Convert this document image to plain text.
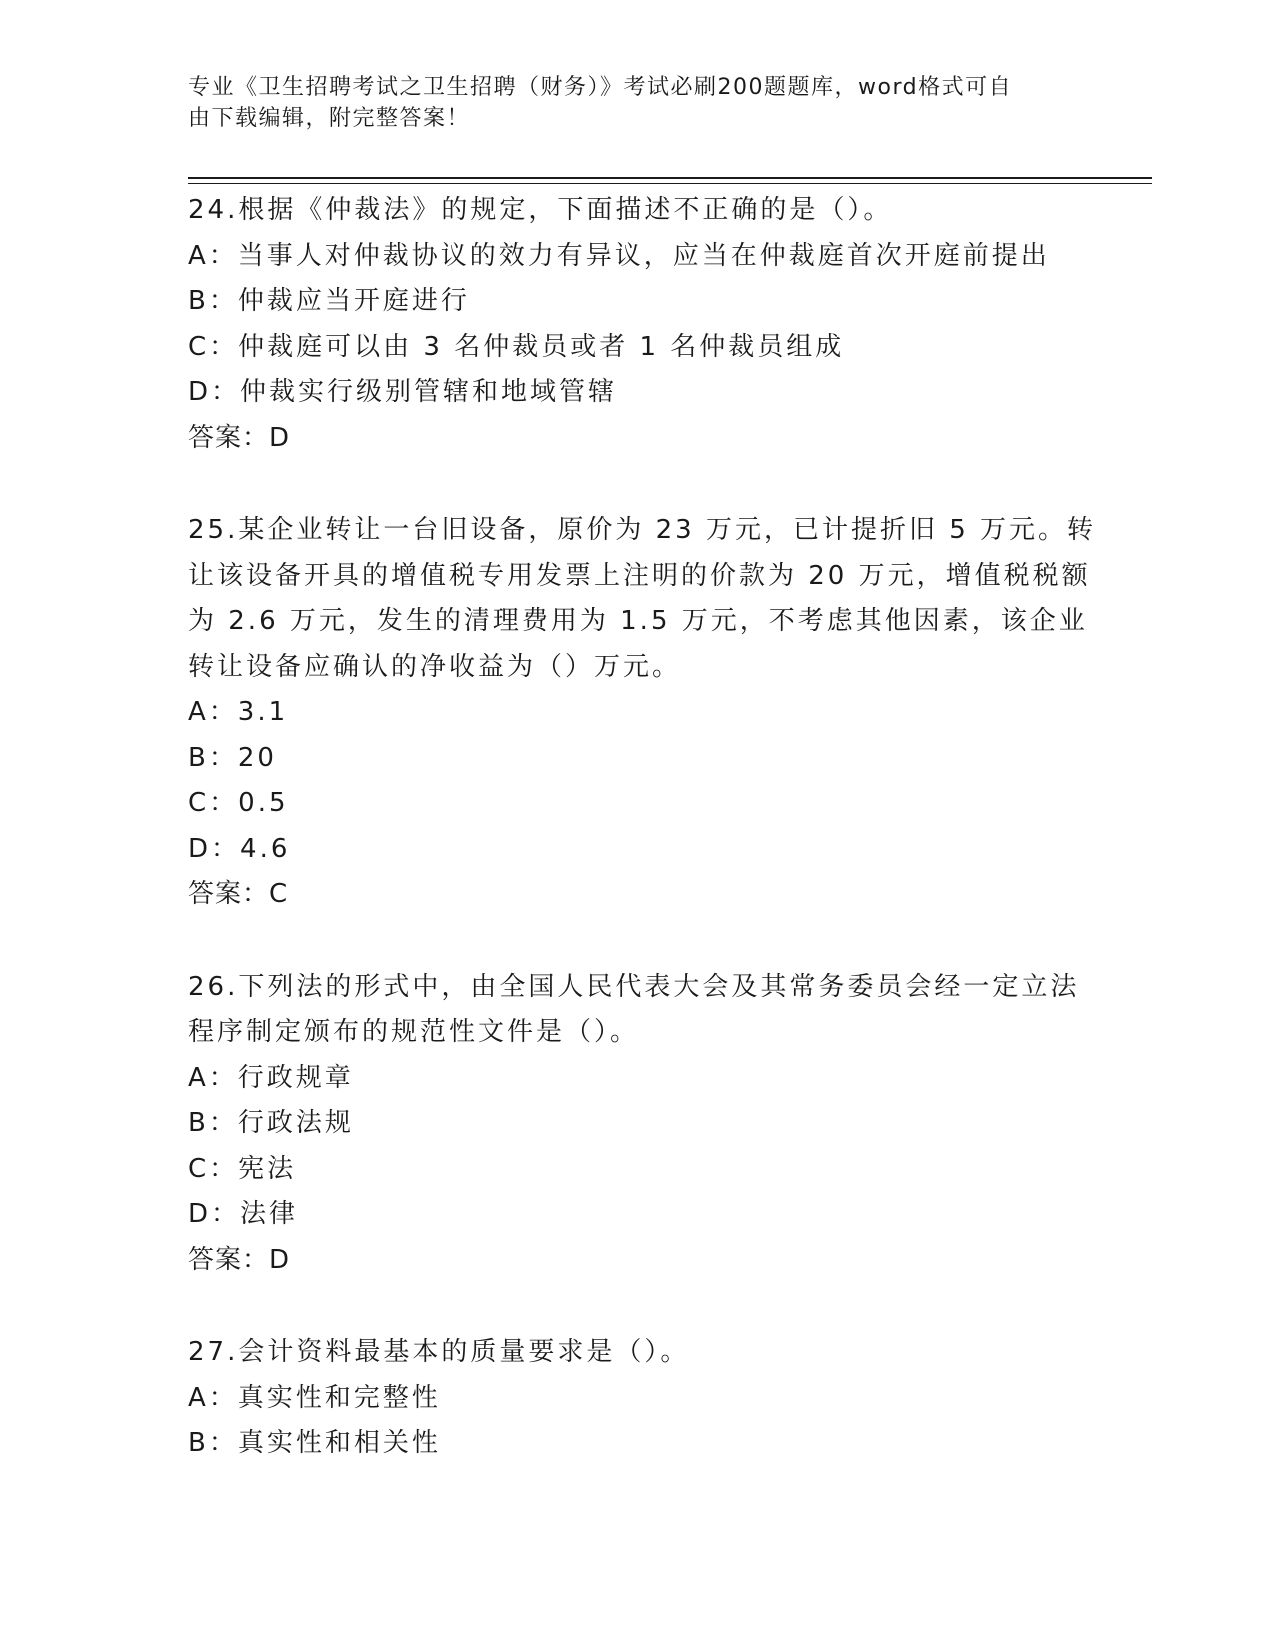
专业《卫生招聘考试之卫生招聘（财务）》考试必刷200题题库，word格式可自
由下载编辑，附完整答案！
24.根据《仲裁法》的规定，下面描述不正确的是（）。
A：当事人对仲裁协议的效力有异议，应当在仲裁庭首次开庭前提出
B：仲裁应当开庭进行
C：仲裁庭可以由 3 名仲裁员或者 1 名仲裁员组成
D：仲裁实行级别管辖和地域管辖
答案：D
25.某企业转让一台旧设备，原价为 23 万元，已计提折旧 5 万元。转
让该设备开具的增值税专用发票上注明的价款为 20 万元，增值税税额
为 2.6 万元，发生的清理费用为 1.5 万元，不考虑其他因素，该企业
转让设备应确认的净收益为（）万元。
A：3.1
B：20
C：0.5
D：4.6
答案：C
26.下列法的形式中，由全国人民代表大会及其常务委员会经一定立法
程序制定颁布的规范性文件是（）。
A：行政规章
B：行政法规
C：宪法
D：法律
答案：D
27.会计资料最基本的质量要求是（）。
A：真实性和完整性
B：真实性和相关性
